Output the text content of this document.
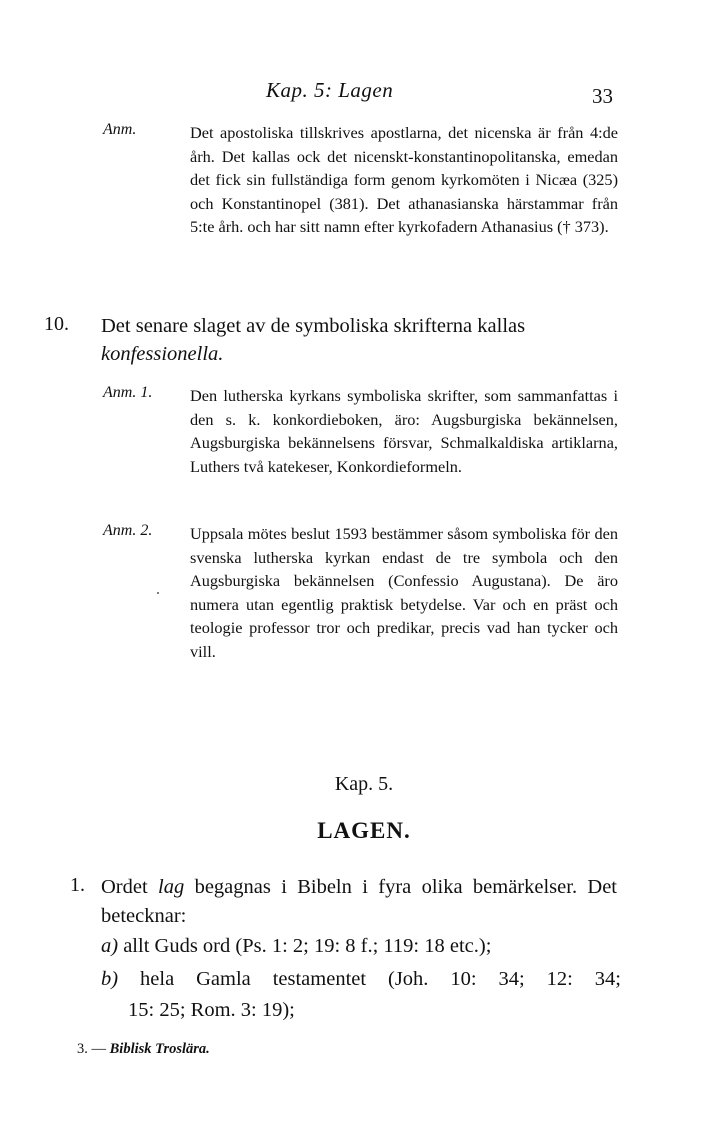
Kap. 5: Lagen	33
Anm.	Det apostoliska tillskrives apostlarna, det nicenska är från 4:de årh. Det kallas ock det nicenskt-konstantinopolitanska, emedan det fick sin fullständiga form genom kyrkomöten i Nicæa (325) och Konstantinopel (381). Det athanasianska härstammar från 5:te årh. och har sitt namn efter kyrkofadern Athanasius († 373).
10. Det senare slaget av de symboliska skrifterna kallas
konfessionella.
Anm. 1. Den lutherska kyrkans symboliska skrifter, som sammanfattas i den s. k. konkordieboken, äro: Augsburgiska bekännelsen, Augsburgiska bekännelsens försvar, Schmalkaldiska artiklarna, Luthers två katekeser, Konkordieformeln.
Anm. 2. Uppsala mötes beslut 1593 bestämmer såsom symboliska för den svenska lutherska kyrkan endast de tre symbola och den Augsburgiska bekännelsen (Confessio Augustana). De äro numera utan egentlig praktisk betydelse. Var och en präst och teologie professor tror och predikar, precis vad han tycker och vill.
Kap. 5.
LAGEN.
1. Ordet lag begagnas i Bibeln i fyra olika bemärkelser. Det betecknar:
a) allt Guds ord (Ps. 1: 2; 19: 8 f.; 119: 18 etc.);
b) hela Gamla testamentet (Joh. 10: 34; 12: 34;
15: 25; Rom. 3: 19);
3. — Biblisk Troslära.
